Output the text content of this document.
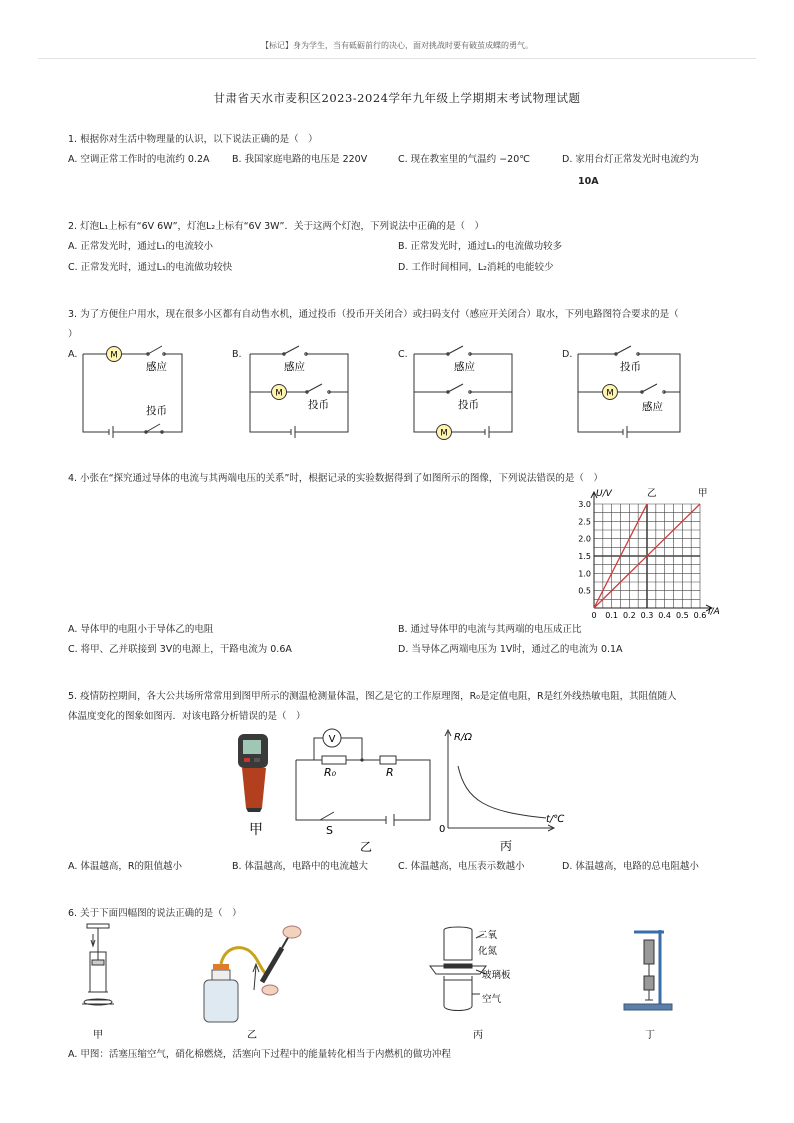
【标记】身为学生，当有砥砺前行的决心，面对挑战时要有破茧成蝶的勇气。
甘肃省天水市麦积区2023-2024学年九年级上学期期末考试物理试题
1. 根据你对生活中物理量的认识，以下说法正确的是（　）
A. 空调正常工作时的电流约 0.2A B. 我国家庭电路的电压是 220V	C. 现在教室里的气温约 −20℃	D. 家用台灯正常发光时电流约为
10A
2. 灯泡L₁上标有“6V 6W”，灯泡L₂上标有“6V 3W”．关于这两个灯泡，下列说法中正确的是（　）
A. 正常发光时，通过L₁的电流较小	B. 正常发光时，通过L₁的电流做功较多
C. 正常发光时，通过L₁的电流做功较快	D. 工作时间相同，L₂消耗的电能较少
3. 为了方便住户用水，现在很多小区都有自动售水机，通过投币（投币开关闭合）或扫码支付（感应开关闭合）取水，下列电路图符合要求的是（
）
A.	B.	C.	D.
M
感应
投币
M
感应
投币
M
感应
投币
M
投币
感应
4. 小张在“探究通过导体的电流与其两端电压的关系”时，根据记录的实验数据得到了如图所示的图像，下列说法错误的是（　）
0 0.1 0.2 0.3 0.4 0.5 0.6
0.5
1.0
1.5
2.0
2.5
3.0
U/V
I/A
乙	甲
A. 导体甲的电阻小于导体乙的电阻	B. 通过导体甲的电流与其两端的电压成正比
C. 将甲、乙并联接到 3V的电源上，干路电流为 0.6A	D. 当导体乙两端电压为 1V时，通过乙的电流为 0.1A
5. 疫情防控期间，各大公共场所常常用到图甲所示的测温枪测量体温，图乙是它的工作原理图，R₀是定值电阻，R是红外线热敏电阻，其阻值随人
体温度变化的图象如图丙．对该电路分析错误的是（　）
甲
V
R₀	R
S
乙
R/Ω
t/℃
0
丙
A. 体温越高，R的阻值越小	B. 体温越高，电路中的电流越大	C. 体温越高，电压表示数越小	D. 体温越高，电路的总电阻越小
6. 关于下面四幅图的说法正确的是（　）
甲	乙
二氧
化氮
玻璃板
空气
丙	丁
A. 甲图：活塞压缩空气，硝化棉燃烧，活塞向下过程中的能量转化相当于内燃机的做功冲程
